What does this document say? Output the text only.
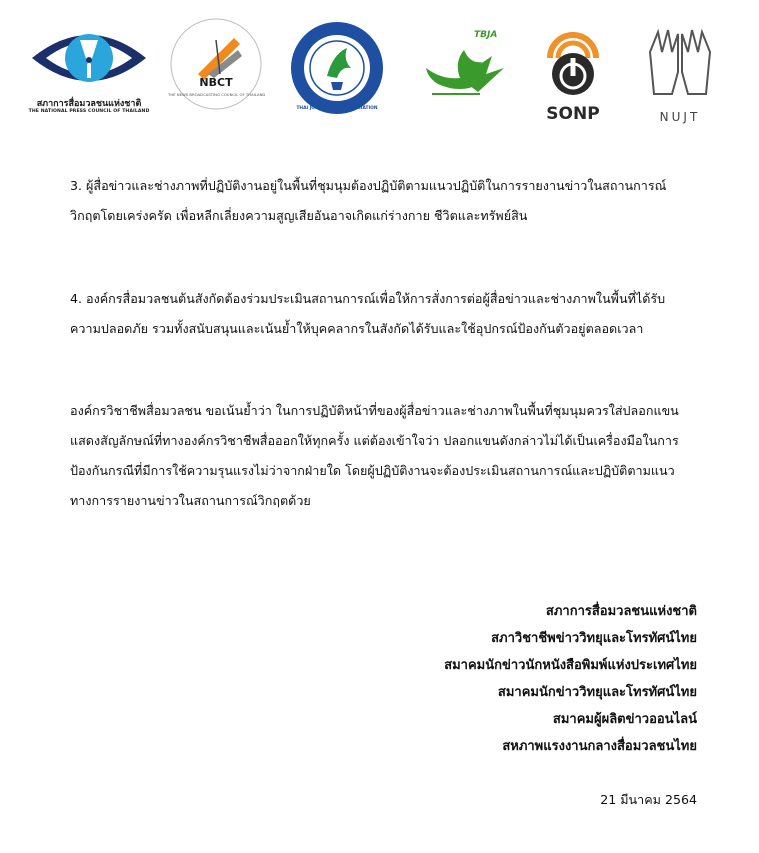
สภาการสื่อมวลชนแห่งชาติ
THE NATIONAL PRESS COUNCIL OF THAILAND
NBCT
THE NEWS BROADCASTING COUNCIL OF THAILAND
THAI JOURNALISTS ASSOCIATION
TBJA
SONP	NUJT
3. ผู้สื่อข่าวและช่างภาพที่ปฏิบัติงานอยู่ในพื้นที่ชุมนุมต้องปฏิบัติตามแนวปฏิบัติในการรายงานข่าวในสถานการณ์
วิกฤตโดยเคร่งครัด เพื่อหลีกเลี่ยงความสูญเสียอันอาจเกิดแก่ร่างกาย ชีวิตและทรัพย์สิน
4. องค์กรสื่อมวลชนต้นสังกัดต้องร่วมประเมินสถานการณ์เพื่อให้การสั่งการต่อผู้สื่อข่าวและช่างภาพในพื้นที่ได้รับ
ความปลอดภัย รวมทั้งสนับสนุนและเน้นย้ำให้บุคคลากรในสังกัดได้รับและใช้อุปกรณ์ป้องกันตัวอยู่ตลอดเวลา
องค์กรวิชาชีพสื่อมวลชน ขอเน้นย้ำว่า ในการปฏิบัติหน้าที่ของผู้สื่อข่าวและช่างภาพในพื้นที่ชุมนุมควรใส่ปลอกแขน
แสดงสัญลักษณ์ที่ทางองค์กรวิชาชีพสื่อออกให้ทุกครั้ง แต่ต้องเข้าใจว่า ปลอกแขนดังกล่าวไม่ได้เป็นเครื่องมือในการ
ป้องกันกรณีที่มีการใช้ความรุนแรงไม่ว่าจากฝ่ายใด โดยผู้ปฏิบัติงานจะต้องประเมินสถานการณ์และปฏิบัติตามแนว
ทางการรายงานข่าวในสถานการณ์วิกฤตด้วย
สภาการสื่อมวลชนแห่งชาติ
สภาวิชาชีพข่าววิทยุและโทรทัศน์ไทย
สมาคมนักข่าวนักหนังสือพิมพ์แห่งประเทศไทย
สมาคมนักข่าววิทยุและโทรทัศน์ไทย
สมาคมผู้ผลิตข่าวออนไลน์
สหภาพแรงงานกลางสื่อมวลชนไทย
21 มีนาคม 2564
